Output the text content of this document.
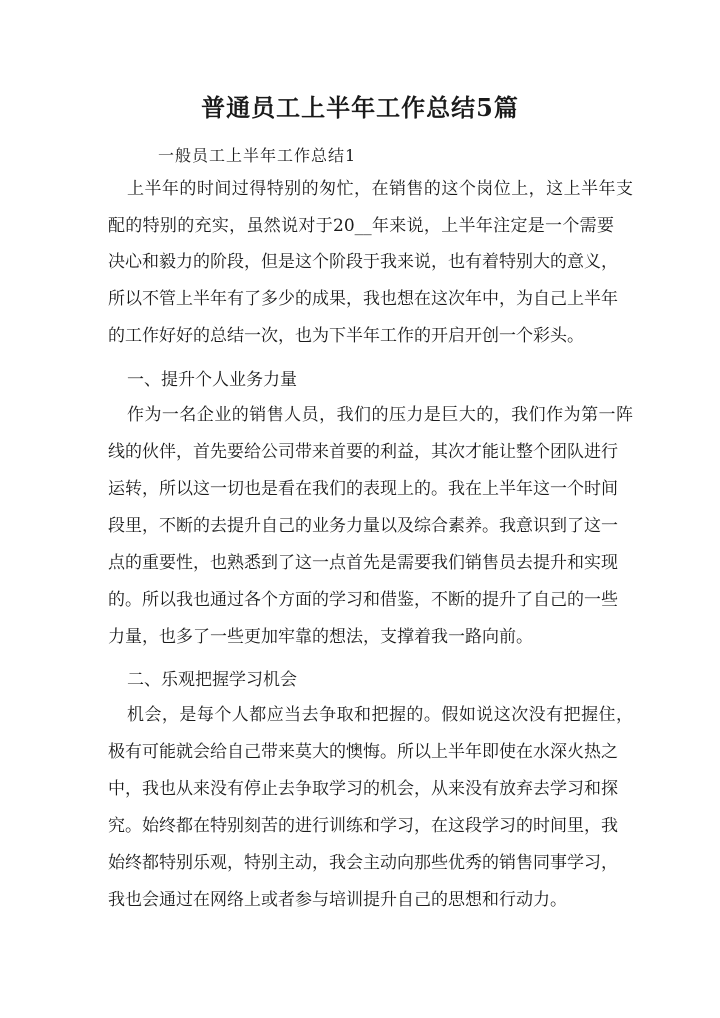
普通员工上半年工作总结5篇
一般员工上半年工作总结1
上半年的时间过得特别的匆忙，在销售的这个岗位上，这上半年支
配的特别的充实，虽然说对于20__年来说，上半年注定是一个需要
决心和毅力的阶段，但是这个阶段于我来说，也有着特别大的意义，
所以不管上半年有了多少的成果，我也想在这次年中，为自己上半年
的工作好好的总结一次，也为下半年工作的开启开创一个彩头。
一、提升个人业务力量
作为一名企业的销售人员，我们的压力是巨大的，我们作为第一阵
线的伙伴，首先要给公司带来首要的利益，其次才能让整个团队进行
运转，所以这一切也是看在我们的表现上的。我在上半年这一个时间
段里，不断的去提升自己的业务力量以及综合素养。我意识到了这一
点的重要性，也熟悉到了这一点首先是需要我们销售员去提升和实现
的。所以我也通过各个方面的学习和借鉴，不断的提升了自己的一些
力量，也多了一些更加牢靠的想法，支撑着我一路向前。
二、乐观把握学习机会
机会，是每个人都应当去争取和把握的。假如说这次没有把握住，
极有可能就会给自己带来莫大的懊悔。所以上半年即使在水深火热之
中，我也从来没有停止去争取学习的机会，从来没有放弃去学习和探
究。始终都在特别刻苦的进行训练和学习，在这段学习的时间里，我
始终都特别乐观，特别主动，我会主动向那些优秀的销售同事学习，
我也会通过在网络上或者参与培训提升自己的思想和行动力。
